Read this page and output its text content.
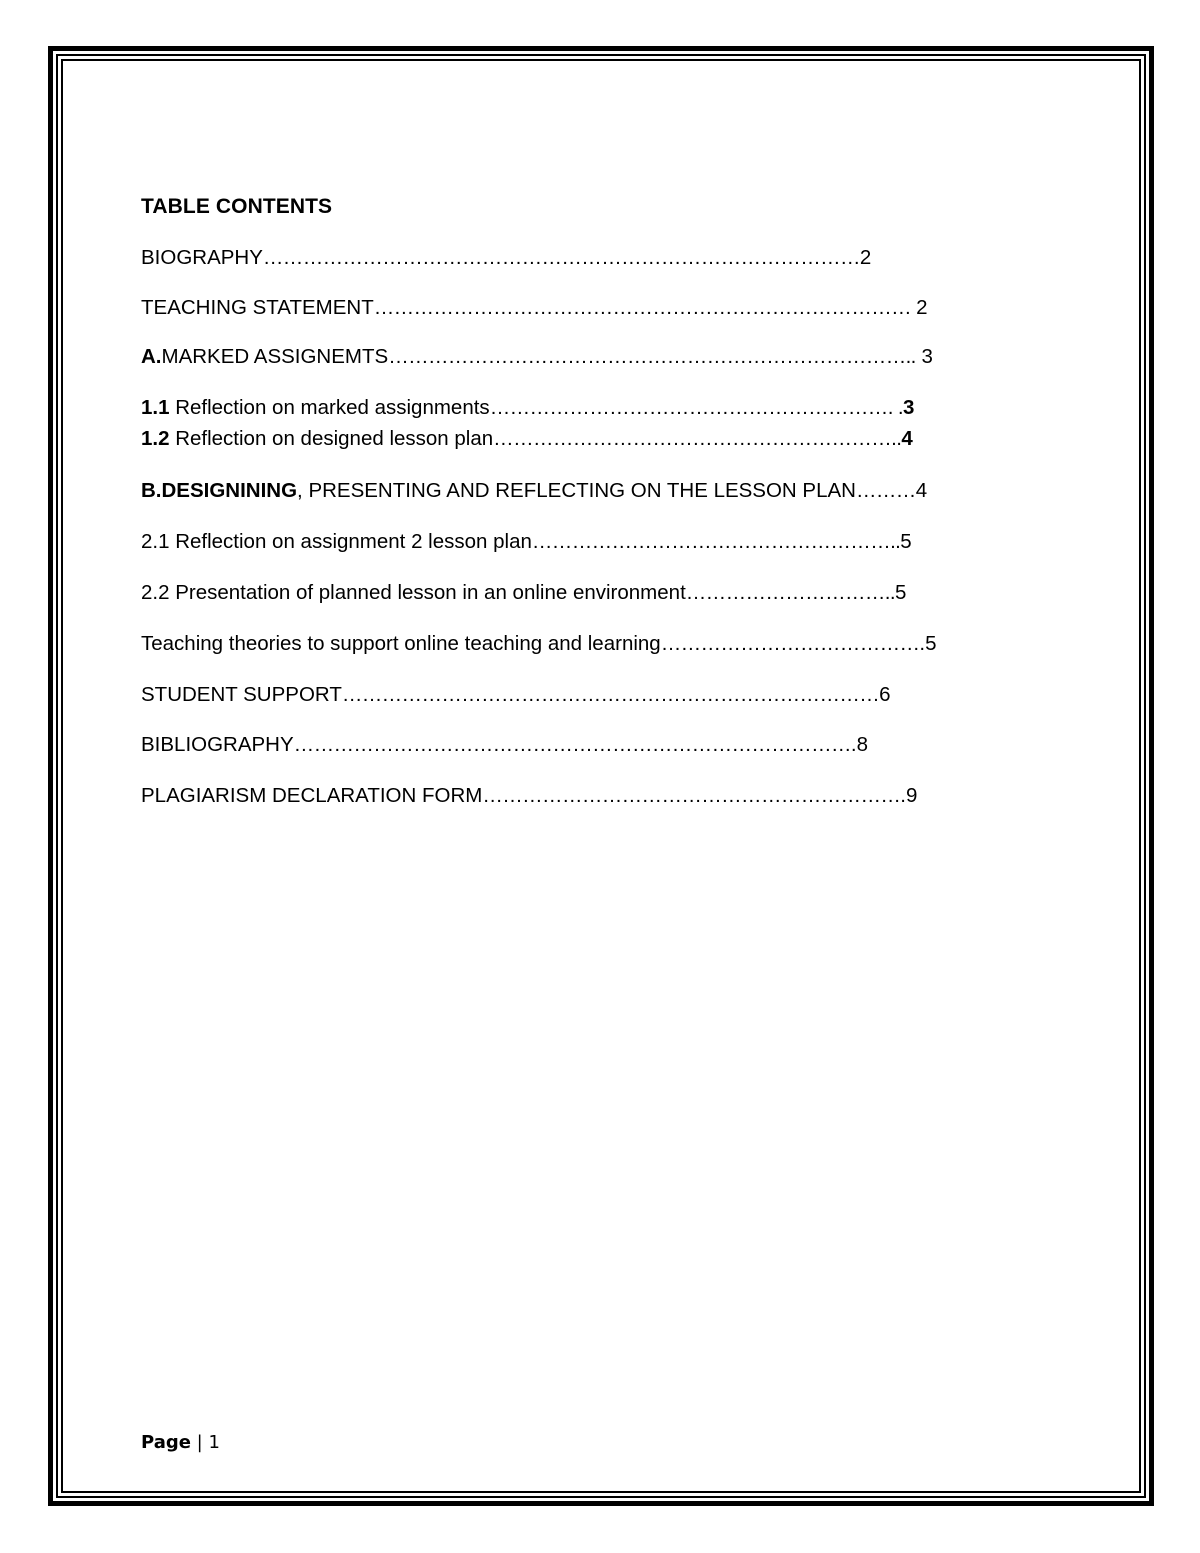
TABLE CONTENTS
BIOGRAPHY………………………………………………………………………………2
TEACHING STATEMENT……………………………………………………………………… 2
A.MARKED ASSIGNEMTS…………………………………………………………………….. 3
1.1 Reflection on marked assignments……………………………………………………. .3
1.2 Reflection on designed lesson plan……………………………………………………..4
B.DESIGNINING, PRESENTING AND REFLECTING ON THE LESSON PLAN………4
2.1 Reflection on assignment 2 lesson plan………………………………………………..5
2.2 Presentation of planned lesson in an online environment…………………………..5
Teaching theories to support online teaching and learning………………………………….5
STUDENT SUPPORT………………………………………………………………………6
BIBLIOGRAPHY………………………………………………………………………….8
PLAGIARISM DECLARATION FORM……………………………………………………….9
Page | 1
